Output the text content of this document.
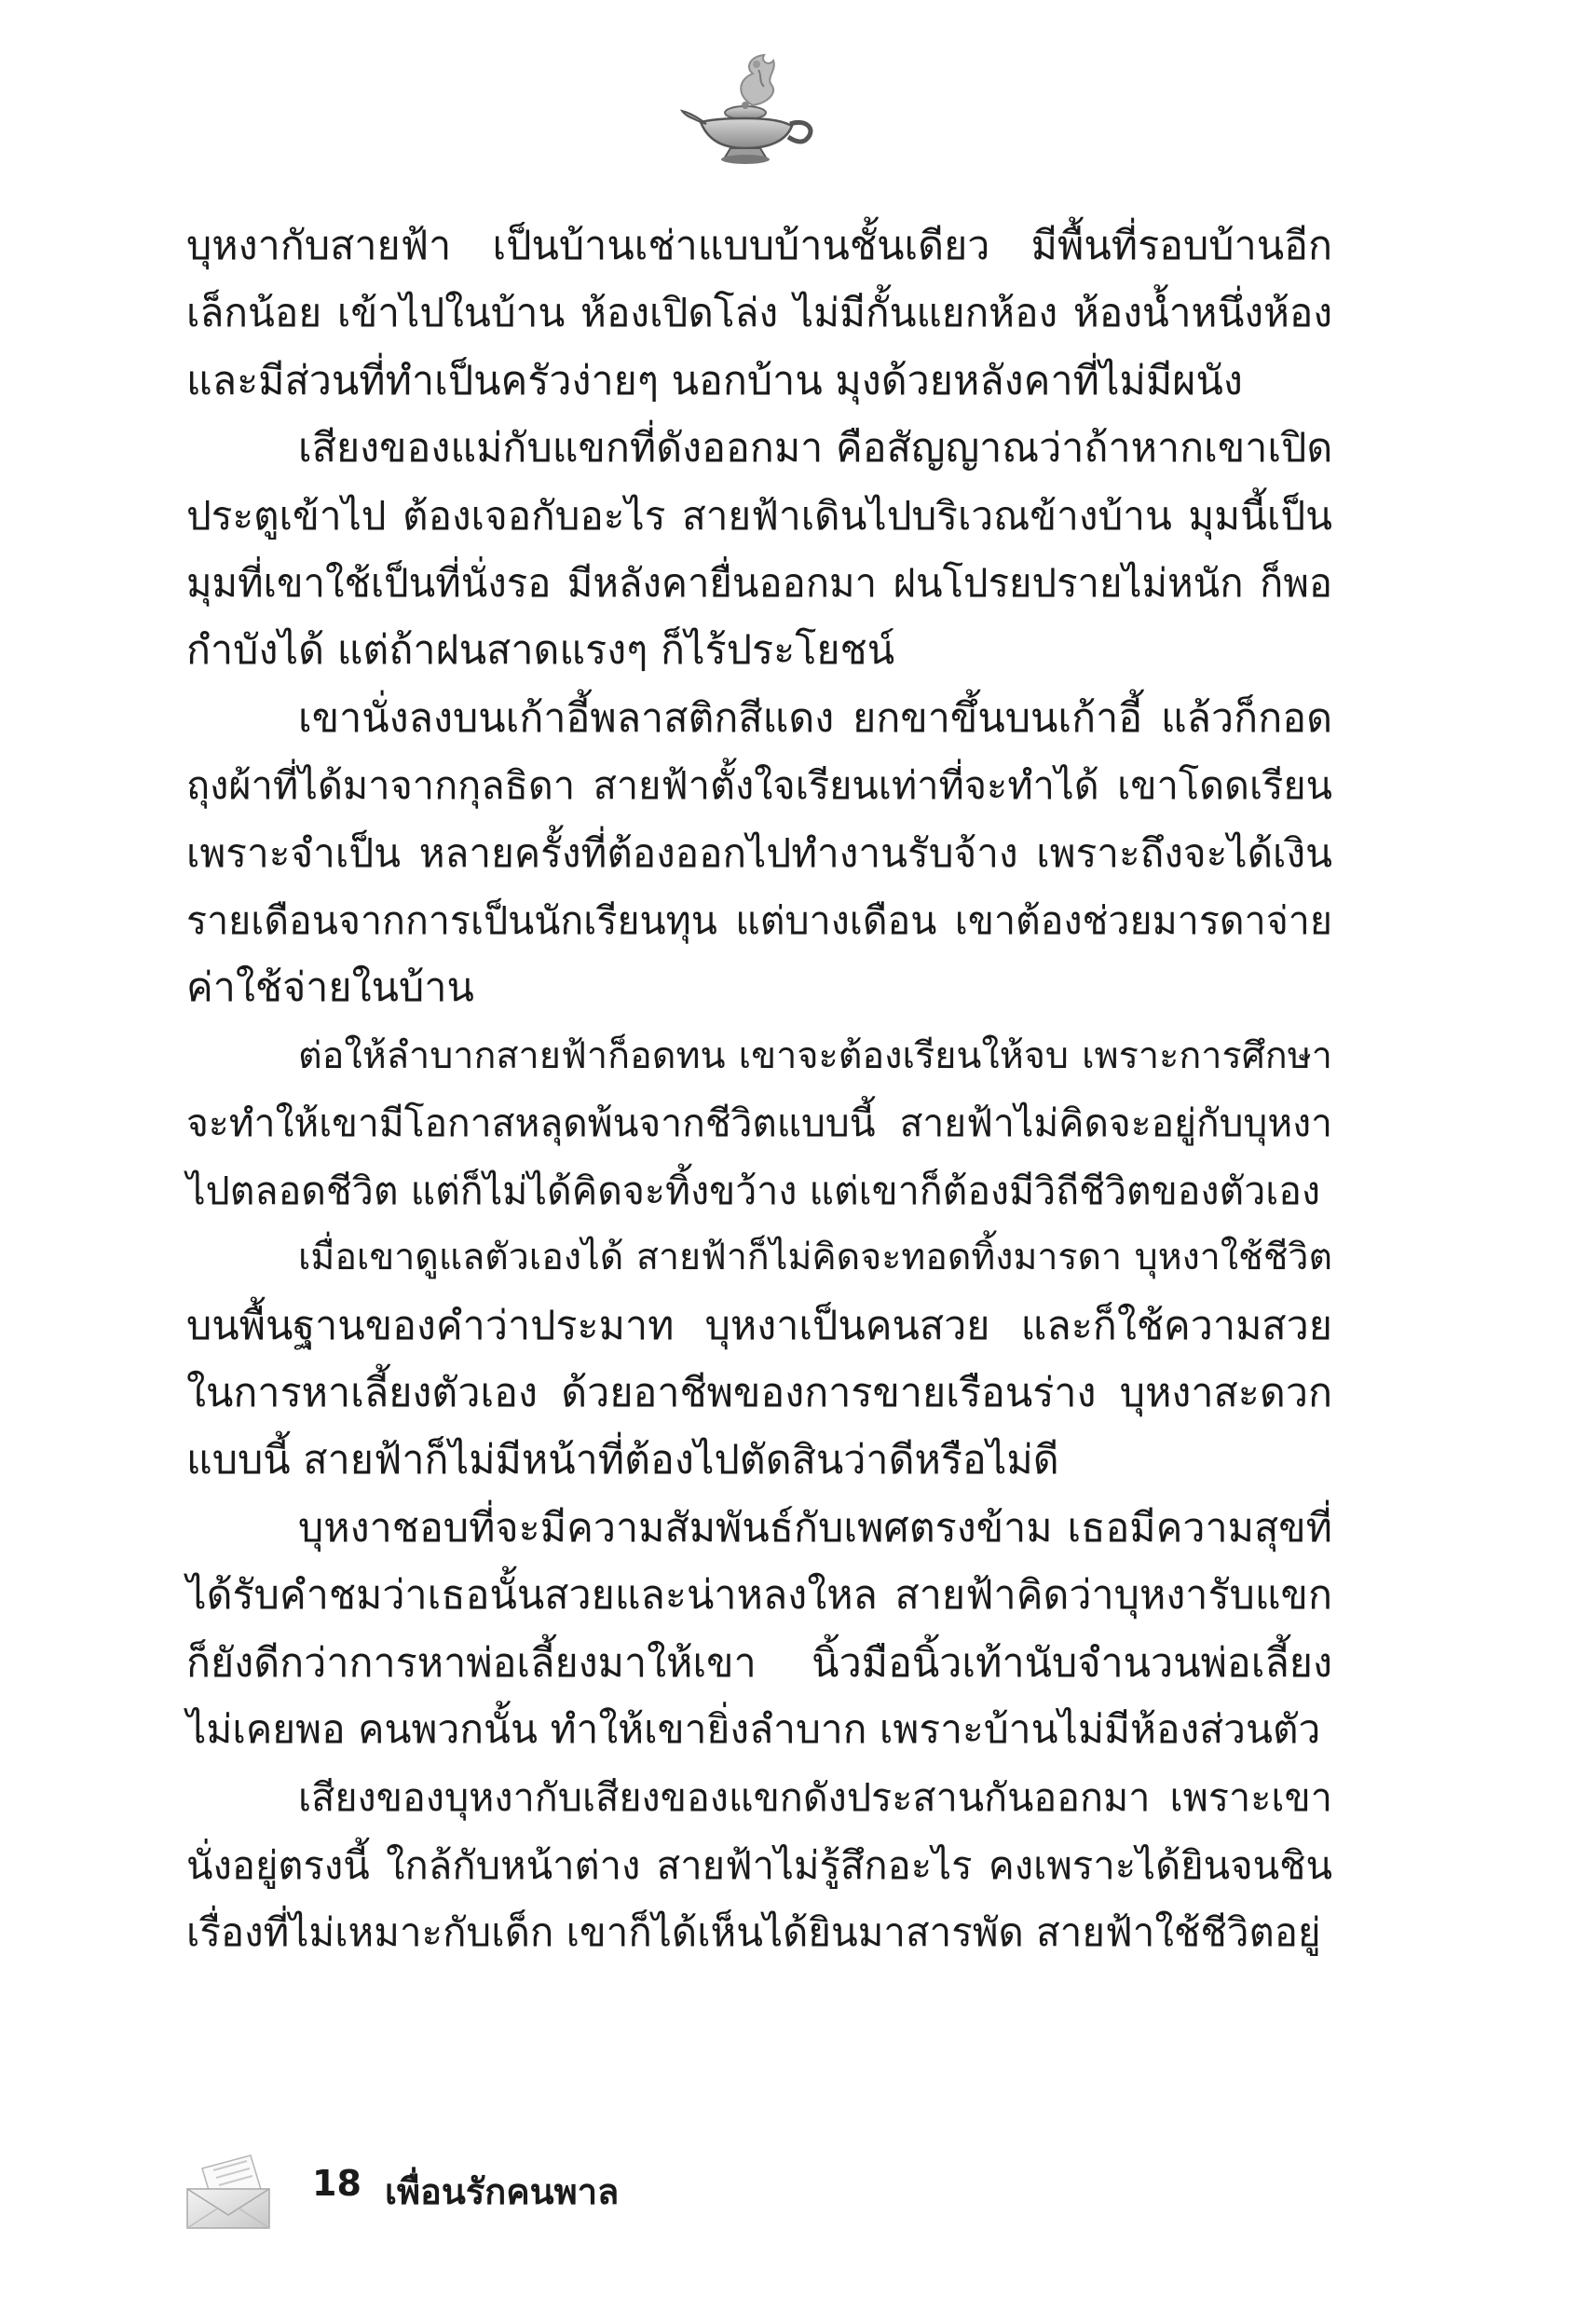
บุหงากับสายฟ้า เป็นบ้านเช่าแบบบ้านชั้นเดียว มีพื้นที่รอบบ้านอีก
เล็กน้อย เข้าไปในบ้าน ห้องเปิดโล่ง ไม่มีกั้นแยกห้อง ห้องน้ำหนึ่งห้อง
และมีส่วนที่ทำเป็นครัวง่ายๆ นอกบ้าน มุงด้วยหลังคาที่ไม่มีผนัง
เสียงของแม่กับแขกที่ดังออกมา คือสัญญาณว่าถ้าหากเขาเปิด
ประตูเข้าไป ต้องเจอกับอะไร สายฟ้าเดินไปบริเวณข้างบ้าน มุมนี้เป็น
มุมที่เขาใช้เป็นที่นั่งรอ มีหลังคายื่นออกมา ฝนโปรยปรายไม่หนัก ก็พอ
กำบังได้ แต่ถ้าฝนสาดแรงๆ ก็ไร้ประโยชน์
เขานั่งลงบนเก้าอี้พลาสติกสีแดง ยกขาขึ้นบนเก้าอี้ แล้วก็กอด
ถุงผ้าที่ได้มาจากกุลธิดา สายฟ้าตั้งใจเรียนเท่าที่จะทำได้ เขาโดดเรียน
เพราะจำเป็น หลายครั้งที่ต้องออกไปทำงานรับจ้าง เพราะถึงจะได้เงิน
รายเดือนจากการเป็นนักเรียนทุน แต่บางเดือน เขาต้องช่วยมารดาจ่าย
ค่าใช้จ่ายในบ้าน
ต่อให้ลำบากสายฟ้าก็อดทน เขาจะต้องเรียนให้จบ เพราะการศึกษา
จะทำให้เขามีโอกาสหลุดพ้นจากชีวิตแบบนี้ สายฟ้าไม่คิดจะอยู่กับบุหงา
ไปตลอดชีวิต แต่ก็ไม่ได้คิดจะทิ้งขว้าง แต่เขาก็ต้องมีวิถีชีวิตของตัวเอง
เมื่อเขาดูแลตัวเองได้ สายฟ้าก็ไม่คิดจะทอดทิ้งมารดา บุหงาใช้ชีวิต
บนพื้นฐานของคำว่าประมาท บุหงาเป็นคนสวย และก็ใช้ความสวย
ในการหาเลี้ยงตัวเอง ด้วยอาชีพของการขายเรือนร่าง บุหงาสะดวก
แบบนี้ สายฟ้าก็ไม่มีหน้าที่ต้องไปตัดสินว่าดีหรือไม่ดี
บุหงาชอบที่จะมีความสัมพันธ์กับเพศตรงข้าม เธอมีความสุขที่
ได้รับคำชมว่าเธอนั้นสวยและน่าหลงใหล สายฟ้าคิดว่าบุหงารับแขก
ก็ยังดีกว่าการหาพ่อเลี้ยงมาให้เขา นิ้วมือนิ้วเท้านับจำนวนพ่อเลี้ยง
ไม่เคยพอ คนพวกนั้น ทำให้เขายิ่งลำบาก เพราะบ้านไม่มีห้องส่วนตัว
เสียงของบุหงากับเสียงของแขกดังประสานกันออกมา เพราะเขา
นั่งอยู่ตรงนี้ ใกล้กับหน้าต่าง สายฟ้าไม่รู้สึกอะไร คงเพราะได้ยินจนชิน
เรื่องที่ไม่เหมาะกับเด็ก เขาก็ได้เห็นได้ยินมาสารพัด สายฟ้าใช้ชีวิตอยู่
18 เพื่อนรักคนพาล
